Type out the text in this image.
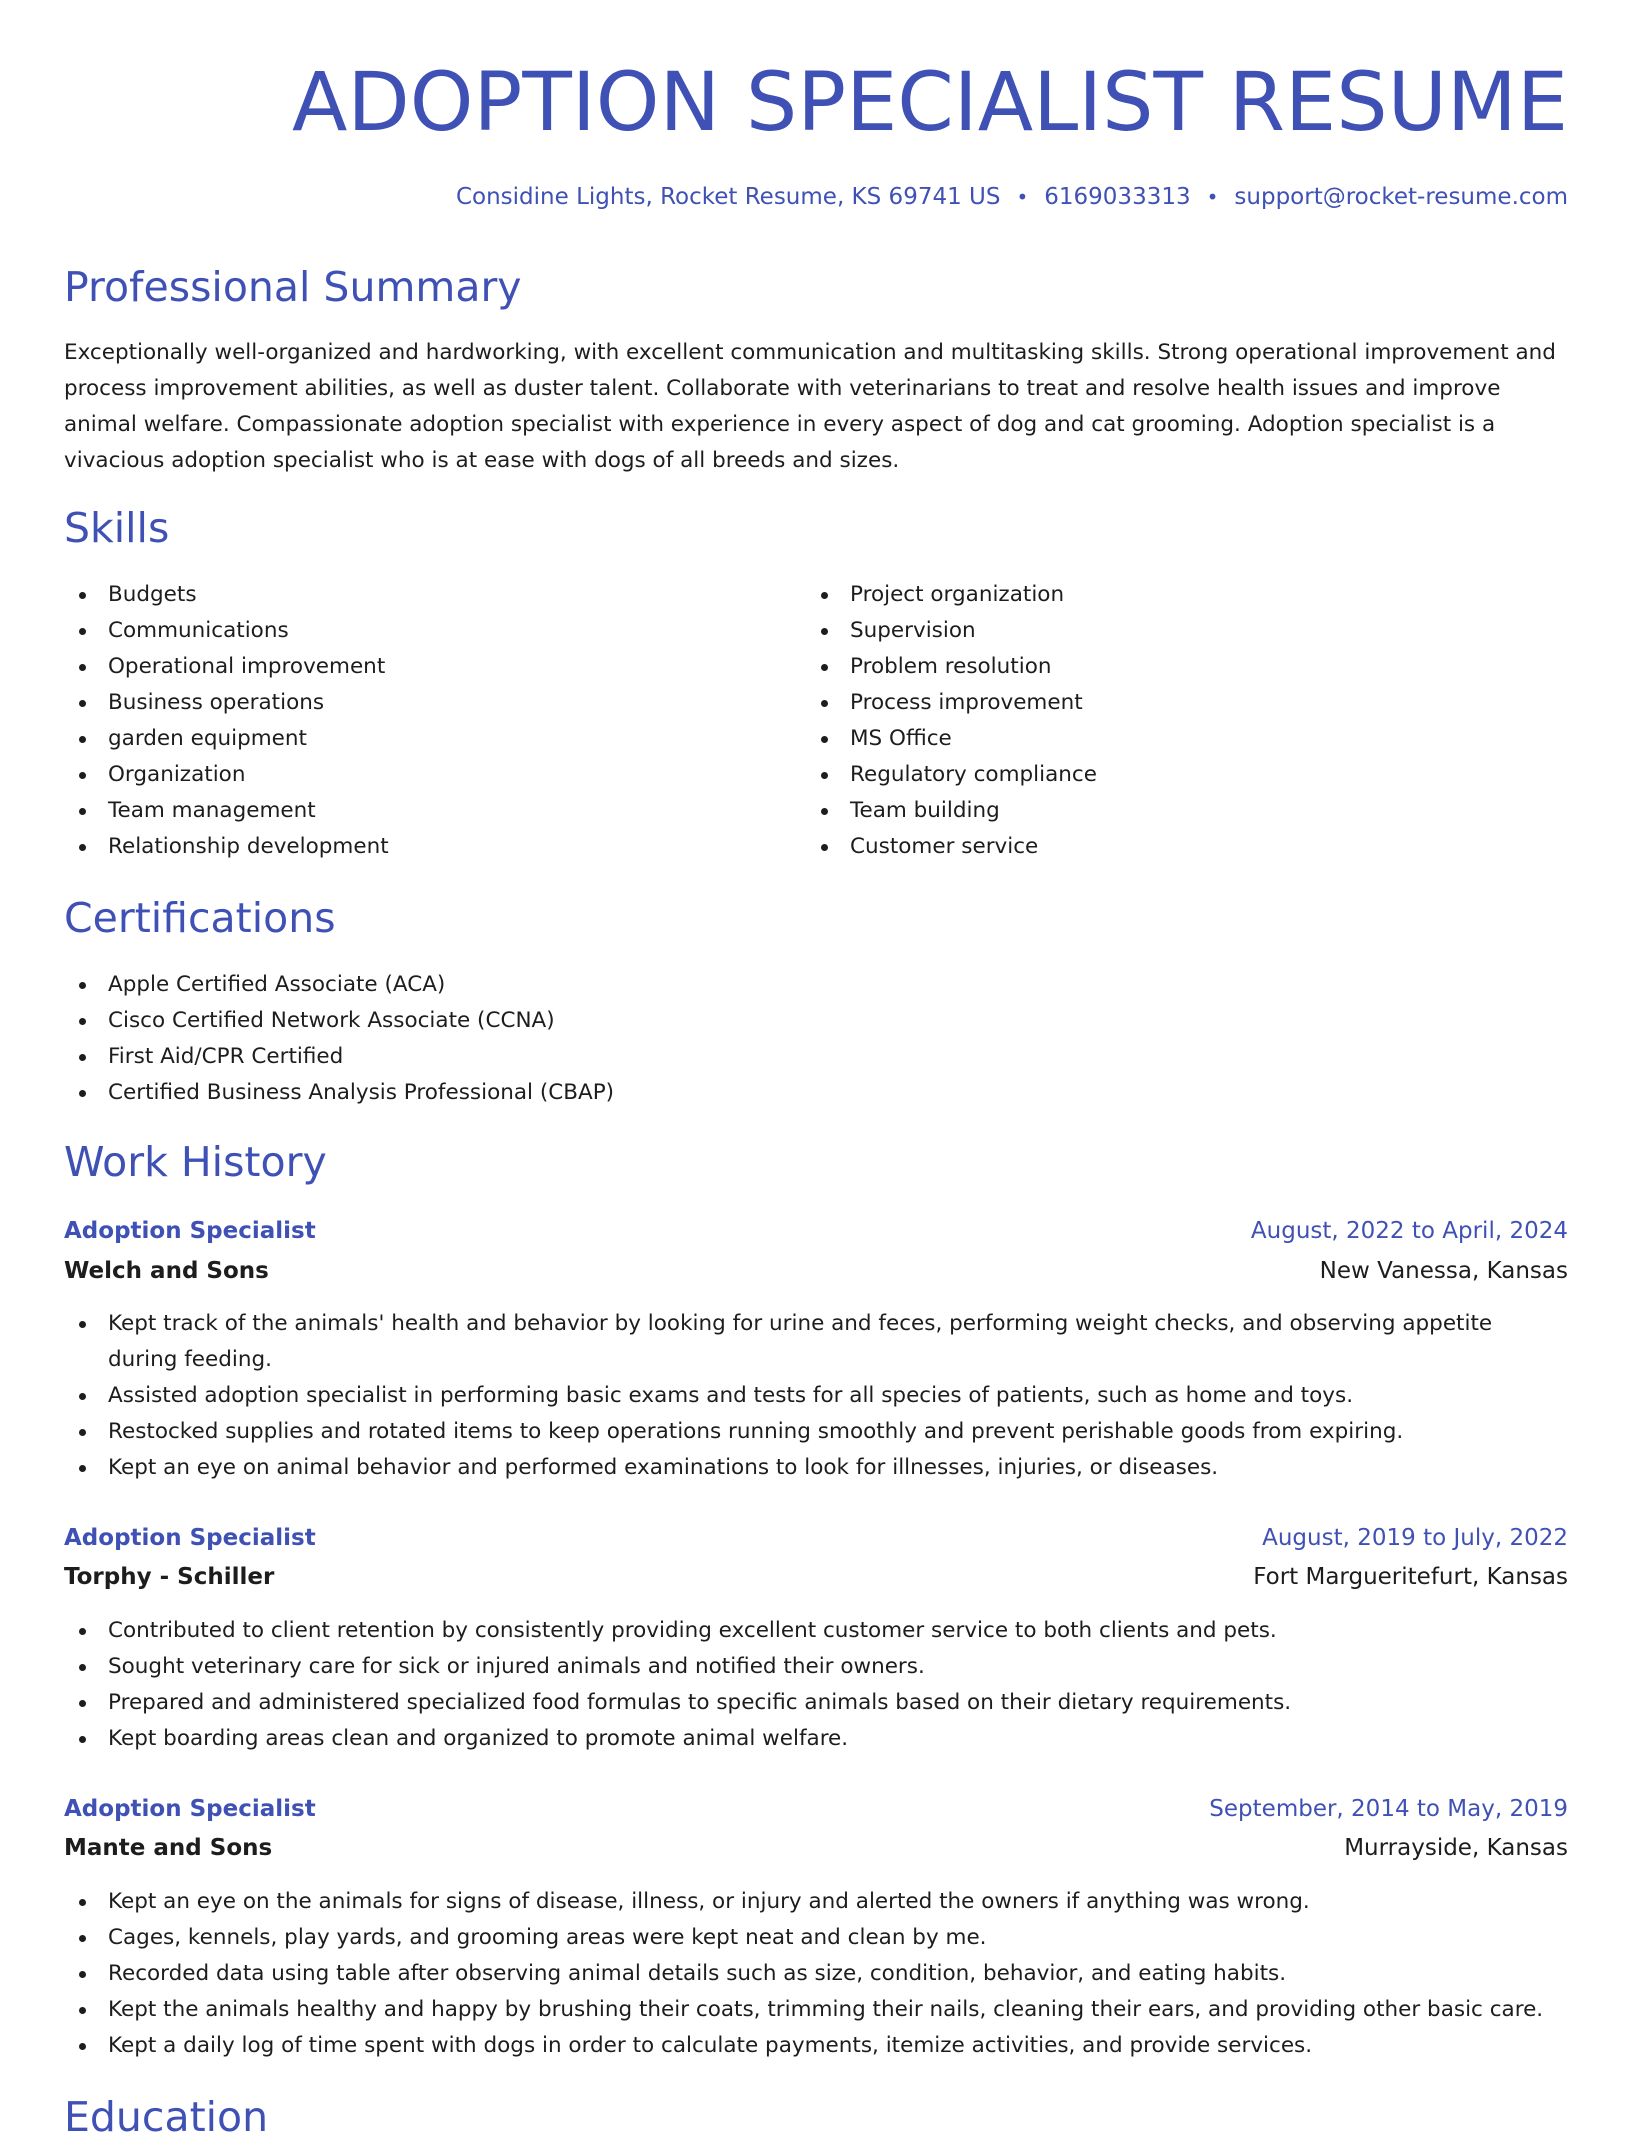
ADOPTION SPECIALIST RESUME
Considine Lights, Rocket Resume, KS 69741 US • 6169033313 • support@rocket-resume.com
Professional Summary

Exceptionally well-organized and hardworking, with excellent communication and multitasking skills. Strong operational improvement and process improvement abilities, as well as duster talent. Collaborate with veterinarians to treat and resolve health issues and improve animal welfare. Compassionate adoption specialist with experience in every aspect of dog and cat grooming. Adoption specialist is a vivacious adoption specialist who is at ease with dogs of all breeds and sizes.

Skills
Budgets
Communications
Operational improvement
Business operations
garden equipment
Organization
Team management
Relationship development
Project organization
Supervision
Problem resolution
Process improvement
MS Office
Regulatory compliance
Team building
Customer service
Certifications
Apple Certified Associate (ACA)
Cisco Certified Network Associate (CCNA)
First Aid/CPR Certified
Certified Business Analysis Professional (CBAP)
Work History
Adoption Specialist	August, 2022 to April, 2024
Welch and Sons	New Vanessa, Kansas
Kept track of the animals' health and behavior by looking for urine and feces, performing weight checks, and observing appetite during feeding.
Assisted adoption specialist in performing basic exams and tests for all species of patients, such as home and toys.
Restocked supplies and rotated items to keep operations running smoothly and prevent perishable goods from expiring.
Kept an eye on animal behavior and performed examinations to look for illnesses, injuries, or diseases.
Adoption Specialist	August, 2019 to July, 2022
Torphy - Schiller	Fort Margueritefurt, Kansas
Contributed to client retention by consistently providing excellent customer service to both clients and pets.
Sought veterinary care for sick or injured animals and notified their owners.
Prepared and administered specialized food formulas to specific animals based on their dietary requirements.
Kept boarding areas clean and organized to promote animal welfare.
Adoption Specialist	September, 2014 to May, 2019
Mante and Sons	Murrayside, Kansas
Kept an eye on the animals for signs of disease, illness, or injury and alerted the owners if anything was wrong.
Cages, kennels, play yards, and grooming areas were kept neat and clean by me.
Recorded data using table after observing animal details such as size, condition, behavior, and eating habits.
Kept the animals healthy and happy by brushing their coats, trimming their nails, cleaning their ears, and providing other basic care.
Kept a daily log of time spent with dogs in order to calculate payments, itemize activities, and provide services.
Education
